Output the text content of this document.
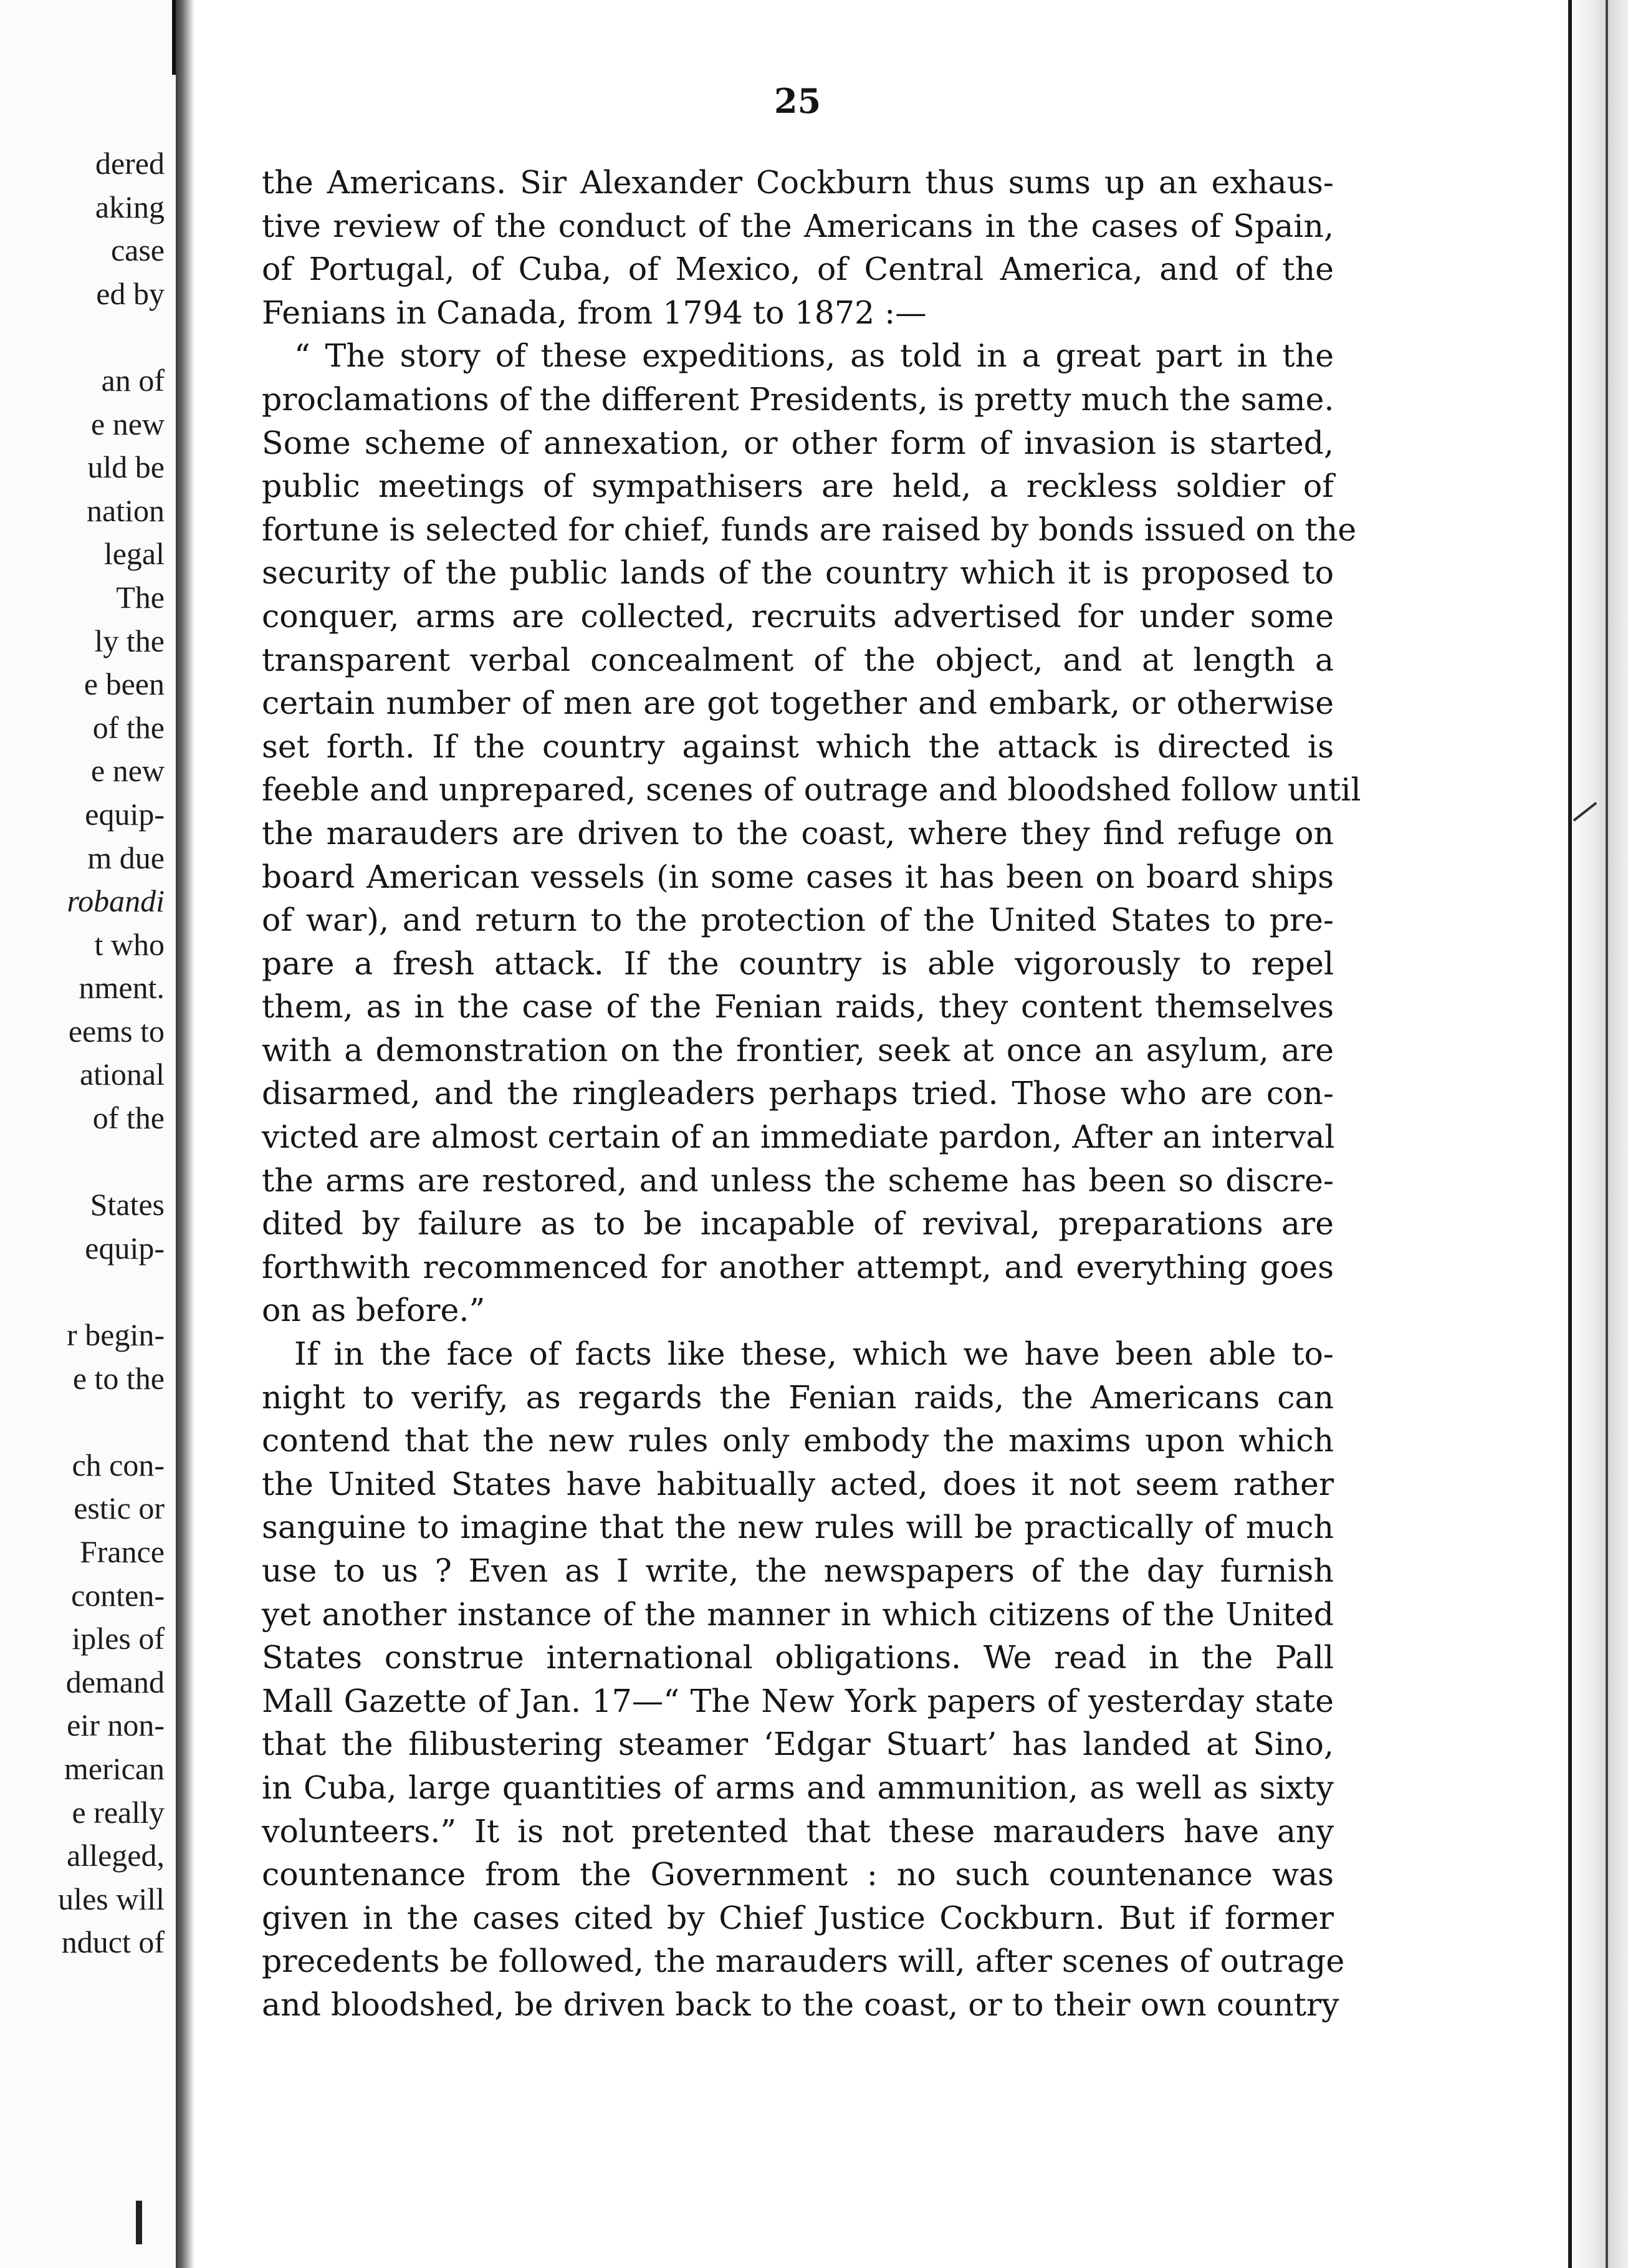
dered
aking
case
ed by
an of
e new
uld be
nation
legal
The
ly the
e been
of the
e new
equip-
m due
robandi
t who
nment.
eems to
ational
of the
States
equip-
r begin-
e to the
ch con-
estic or
France
conten-
iples of
demand
eir non-
merican
e really
alleged,
ules will
nduct of
25
the Americans. Sir Alexander Cockburn thus sums up an exhaus-
tive review of the conduct of the Americans in the cases of Spain,
of Portugal, of Cuba, of Mexico, of Central America, and of the
Fenians in Canada, from 1794 to 1872 :—
“ The story of these expeditions, as told in a great part in the
proclamations of the different Presidents, is pretty much the same.
Some scheme of annexation, or other form of invasion is started,
public meetings of sympathisers are held, a reckless soldier of
fortune is selected for chief, funds are raised by bonds issued on the
security of the public lands of the country which it is proposed to
conquer, arms are collected, recruits advertised for under some
transparent verbal concealment of the object, and at length a
certain number of men are got together and embark, or otherwise
set forth. If the country against which the attack is directed is
feeble and unprepared, scenes of outrage and bloodshed follow until
the marauders are driven to the coast, where they find refuge on
board American vessels (in some cases it has been on board ships
of war), and return to the protection of the United States to pre-
pare a fresh attack. If the country is able vigorously to repel
them, as in the case of the Fenian raids, they content themselves
with a demonstration on the frontier, seek at once an asylum, are
disarmed, and the ringleaders perhaps tried. Those who are con-
victed are almost certain of an immediate pardon, After an interval
the arms are restored, and unless the scheme has been so discre-
dited by failure as to be incapable of revival, preparations are
forthwith recommenced for another attempt, and everything goes
on as before.”
If in the face of facts like these, which we have been able to-
night to verify, as regards the Fenian raids, the Americans can
contend that the new rules only embody the maxims upon which
the United States have habitually acted, does it not seem rather
sanguine to imagine that the new rules will be practically of much
use to us ? Even as I write, the newspapers of the day furnish
yet another instance of the manner in which citizens of the United
States construe international obligations. We read in the Pall
Mall Gazette of Jan. 17—“ The New York papers of yesterday state
that the filibustering steamer ‘Edgar Stuart’ has landed at Sino,
in Cuba, large quantities of arms and ammunition, as well as sixty
volunteers.” It is not pretented that these marauders have any
countenance from the Government : no such countenance was
given in the cases cited by Chief Justice Cockburn. But if former
precedents be followed, the marauders will, after scenes of outrage
and bloodshed, be driven back to the coast, or to their own country
